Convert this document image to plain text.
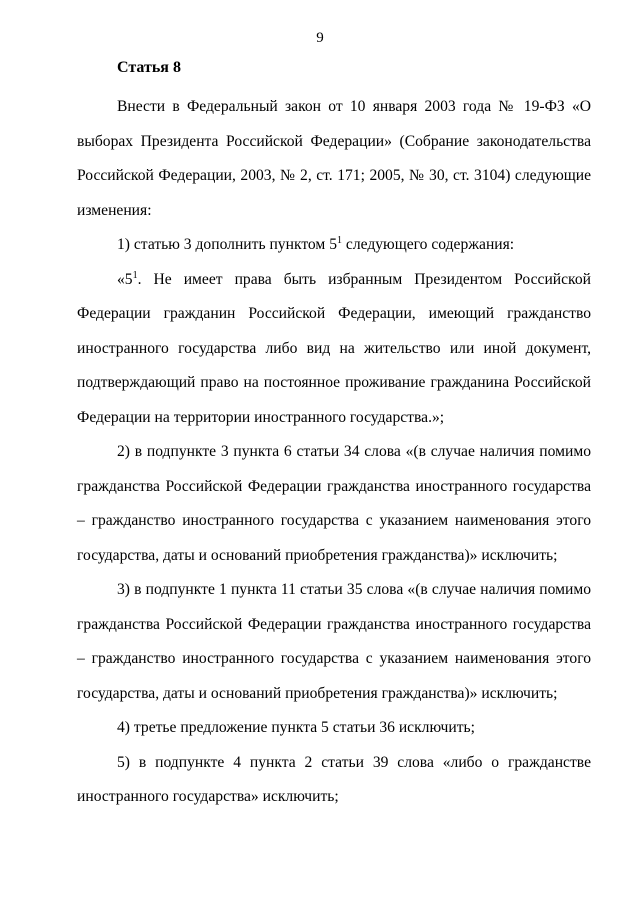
9
Статья 8

Внести в Федеральный закон от 10 января 2003 года № 19-ФЗ «О выборах Президента Российской Федерации» (Собрание законодательства Российской Федерации, 2003, № 2, ст. 171; 2005, № 30, ст. 3104) следующие изменения:

1) статью 3 дополнить пунктом $5^1$ следующего содержания:

«$5^1$. Не имеет права быть избранным Президентом Российской Федерации гражданин Российской Федерации, имеющий гражданство иностранного государства либо вид на жительство или иной документ, подтверждающий право на постоянное проживание гражданина Российской Федерации на территории иностранного государства.»;

2) в подпункте 3 пункта 6 статьи 34 слова «(в случае наличия помимо гражданства Российской Федерации гражданства иностранного государства – гражданство иностранного государства с указанием наименования этого государства, даты и оснований приобретения гражданства)» исключить;

3) в подпункте 1 пункта 11 статьи 35 слова «(в случае наличия помимо гражданства Российской Федерации гражданства иностранного государства – гражданство иностранного государства с указанием наименования этого государства, даты и оснований приобретения гражданства)» исключить;

4) третье предложение пункта 5 статьи 36 исключить;

5) в подпункте 4 пункта 2 статьи 39 слова «либо о гражданстве иностранного государства» исключить;
